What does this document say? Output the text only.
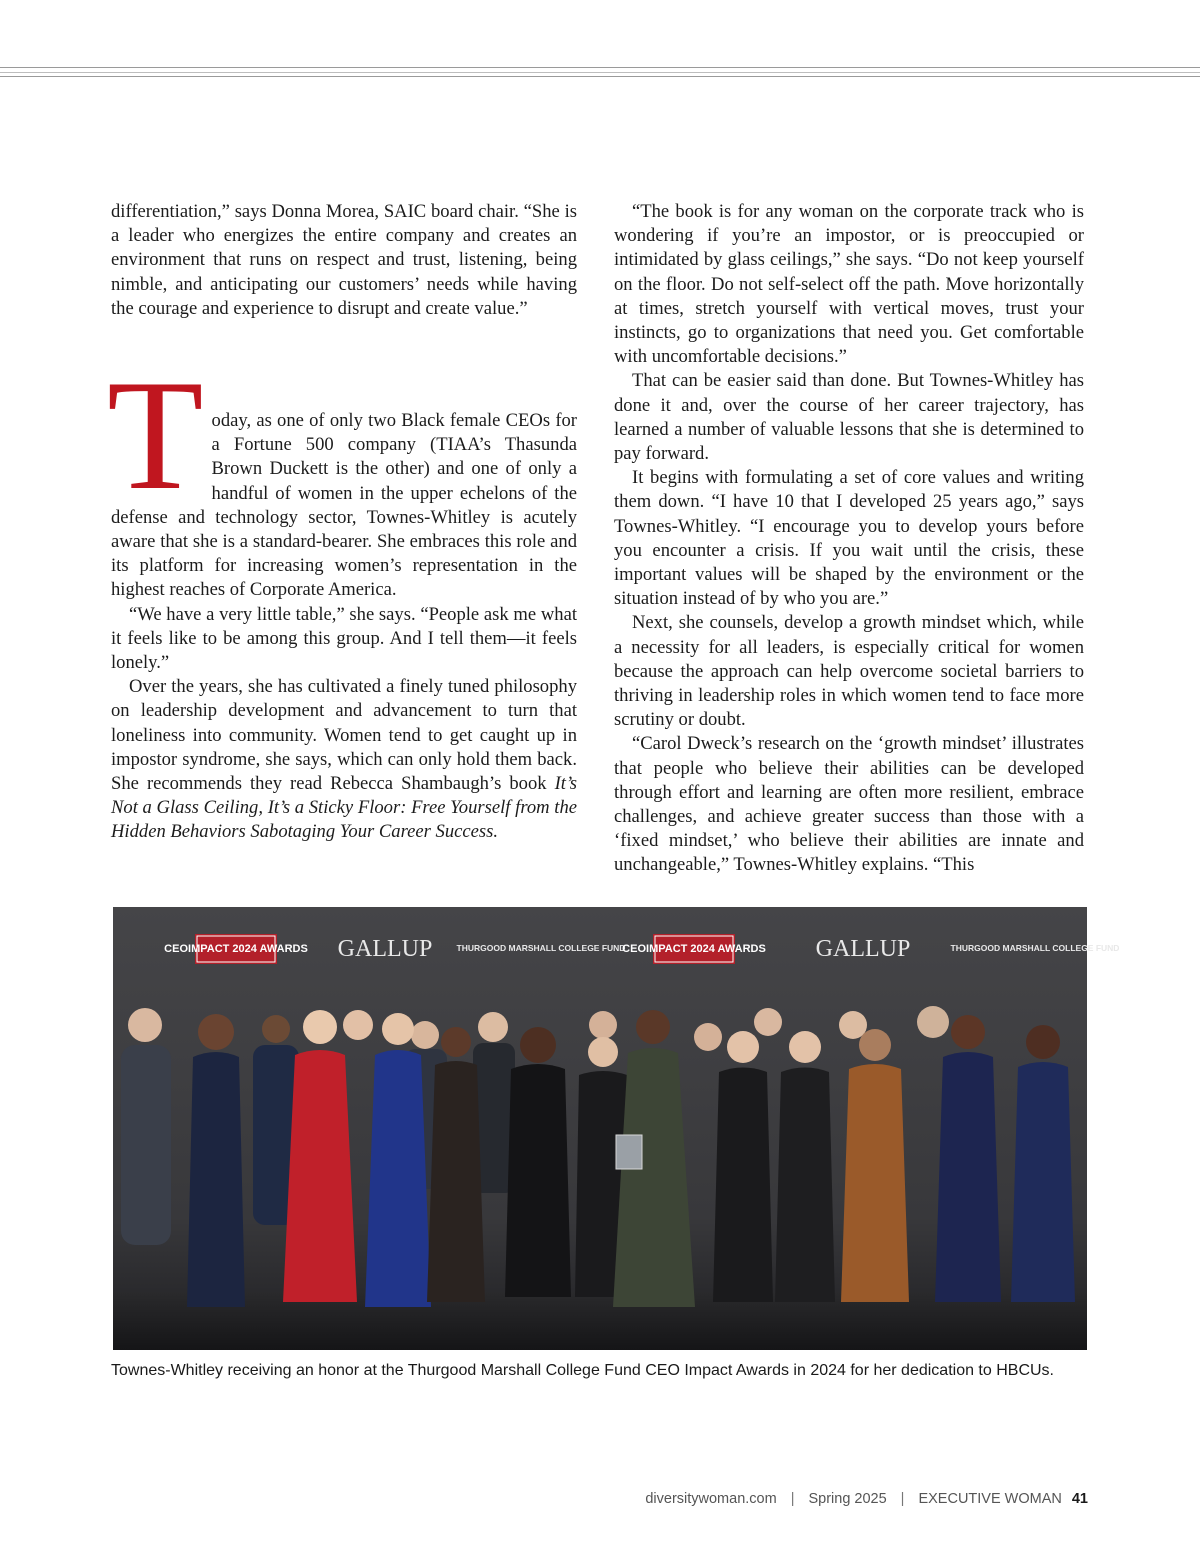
differentiation,” says Donna Morea, SAIC board chair. “She is a leader who energizes the entire company and creates an environment that runs on respect and trust, listening, being nimble, and anticipating our customers’ needs while having the courage and experience to disrupt and create value.”

Today, as one of only two Black female CEOs for a Fortune 500 company (TIAA’s Thasunda Brown Duckett is the other) and one of only a handful of women in the upper echelons of the defense and technology sector, Townes-Whitley is acutely aware that she is a standard-bearer. She embraces this role and its platform for increasing women’s representation in the highest reaches of Corporate America.

“We have a very little table,” she says. “People ask me what it feels like to be among this group. And I tell them—it feels lonely.”

Over the years, she has cultivated a finely tuned philosophy on leadership development and advancement to turn that loneliness into community. Women tend to get caught up in impostor syndrome, she says, which can only hold them back. She recommends they read Rebecca Shambaugh’s book It’s Not a Glass Ceiling, It’s a Sticky Floor: Free Yourself from the Hidden Behaviors Sabotaging Your Career Success.

“The book is for any woman on the corporate track who is wondering if you’re an impostor, or is preoccupied or intimidated by glass ceilings,” she says. “Do not keep yourself on the floor. Do not self-select off the path. Move horizontally at times, stretch yourself with vertical moves, trust your instincts, go to organizations that need you. Get comfortable with uncomfortable decisions.”

That can be easier said than done. But Townes-Whitley has done it and, over the course of her career trajectory, has learned a number of valuable lessons that she is determined to pay forward.

It begins with formulating a set of core values and writing them down. “I have 10 that I developed 25 years ago,” says Townes-Whitley. “I encourage you to develop yours before you encounter a crisis. If you wait until the crisis, these important values will be shaped by the environment or the situation instead of by who you are.”

Next, she counsels, develop a growth mindset which, while a necessity for all leaders, is especially critical for women because the approach can help overcome societal barriers to thriving in leadership roles in which women tend to face more scrutiny or doubt.

“Carol Dweck’s research on the ‘growth mindset’ illustrates that people who believe their abilities can be developed through effort and learning are often more resilient, embrace challenges, and achieve greater success than those with a ‘fixed mindset,’ who believe their abilities are innate and unchangeable,” Townes-Whitley explains. “This

CEOIMPACT 2024 AWARDS GALLUP	THURGOOD MARSHALL COLLEGE FUND
CEOIMPACT 2024 AWARDS GALLUP	THURGOOD MARSHALL COLLEGE FUND
Townes-Whitley receiving an honor at the Thurgood Marshall College Fund CEO Impact Awards in 2024 for her dedication to HBCUs.
diversitywoman.com | Spring 2025 | EXECUTIVE WOMAN 41
